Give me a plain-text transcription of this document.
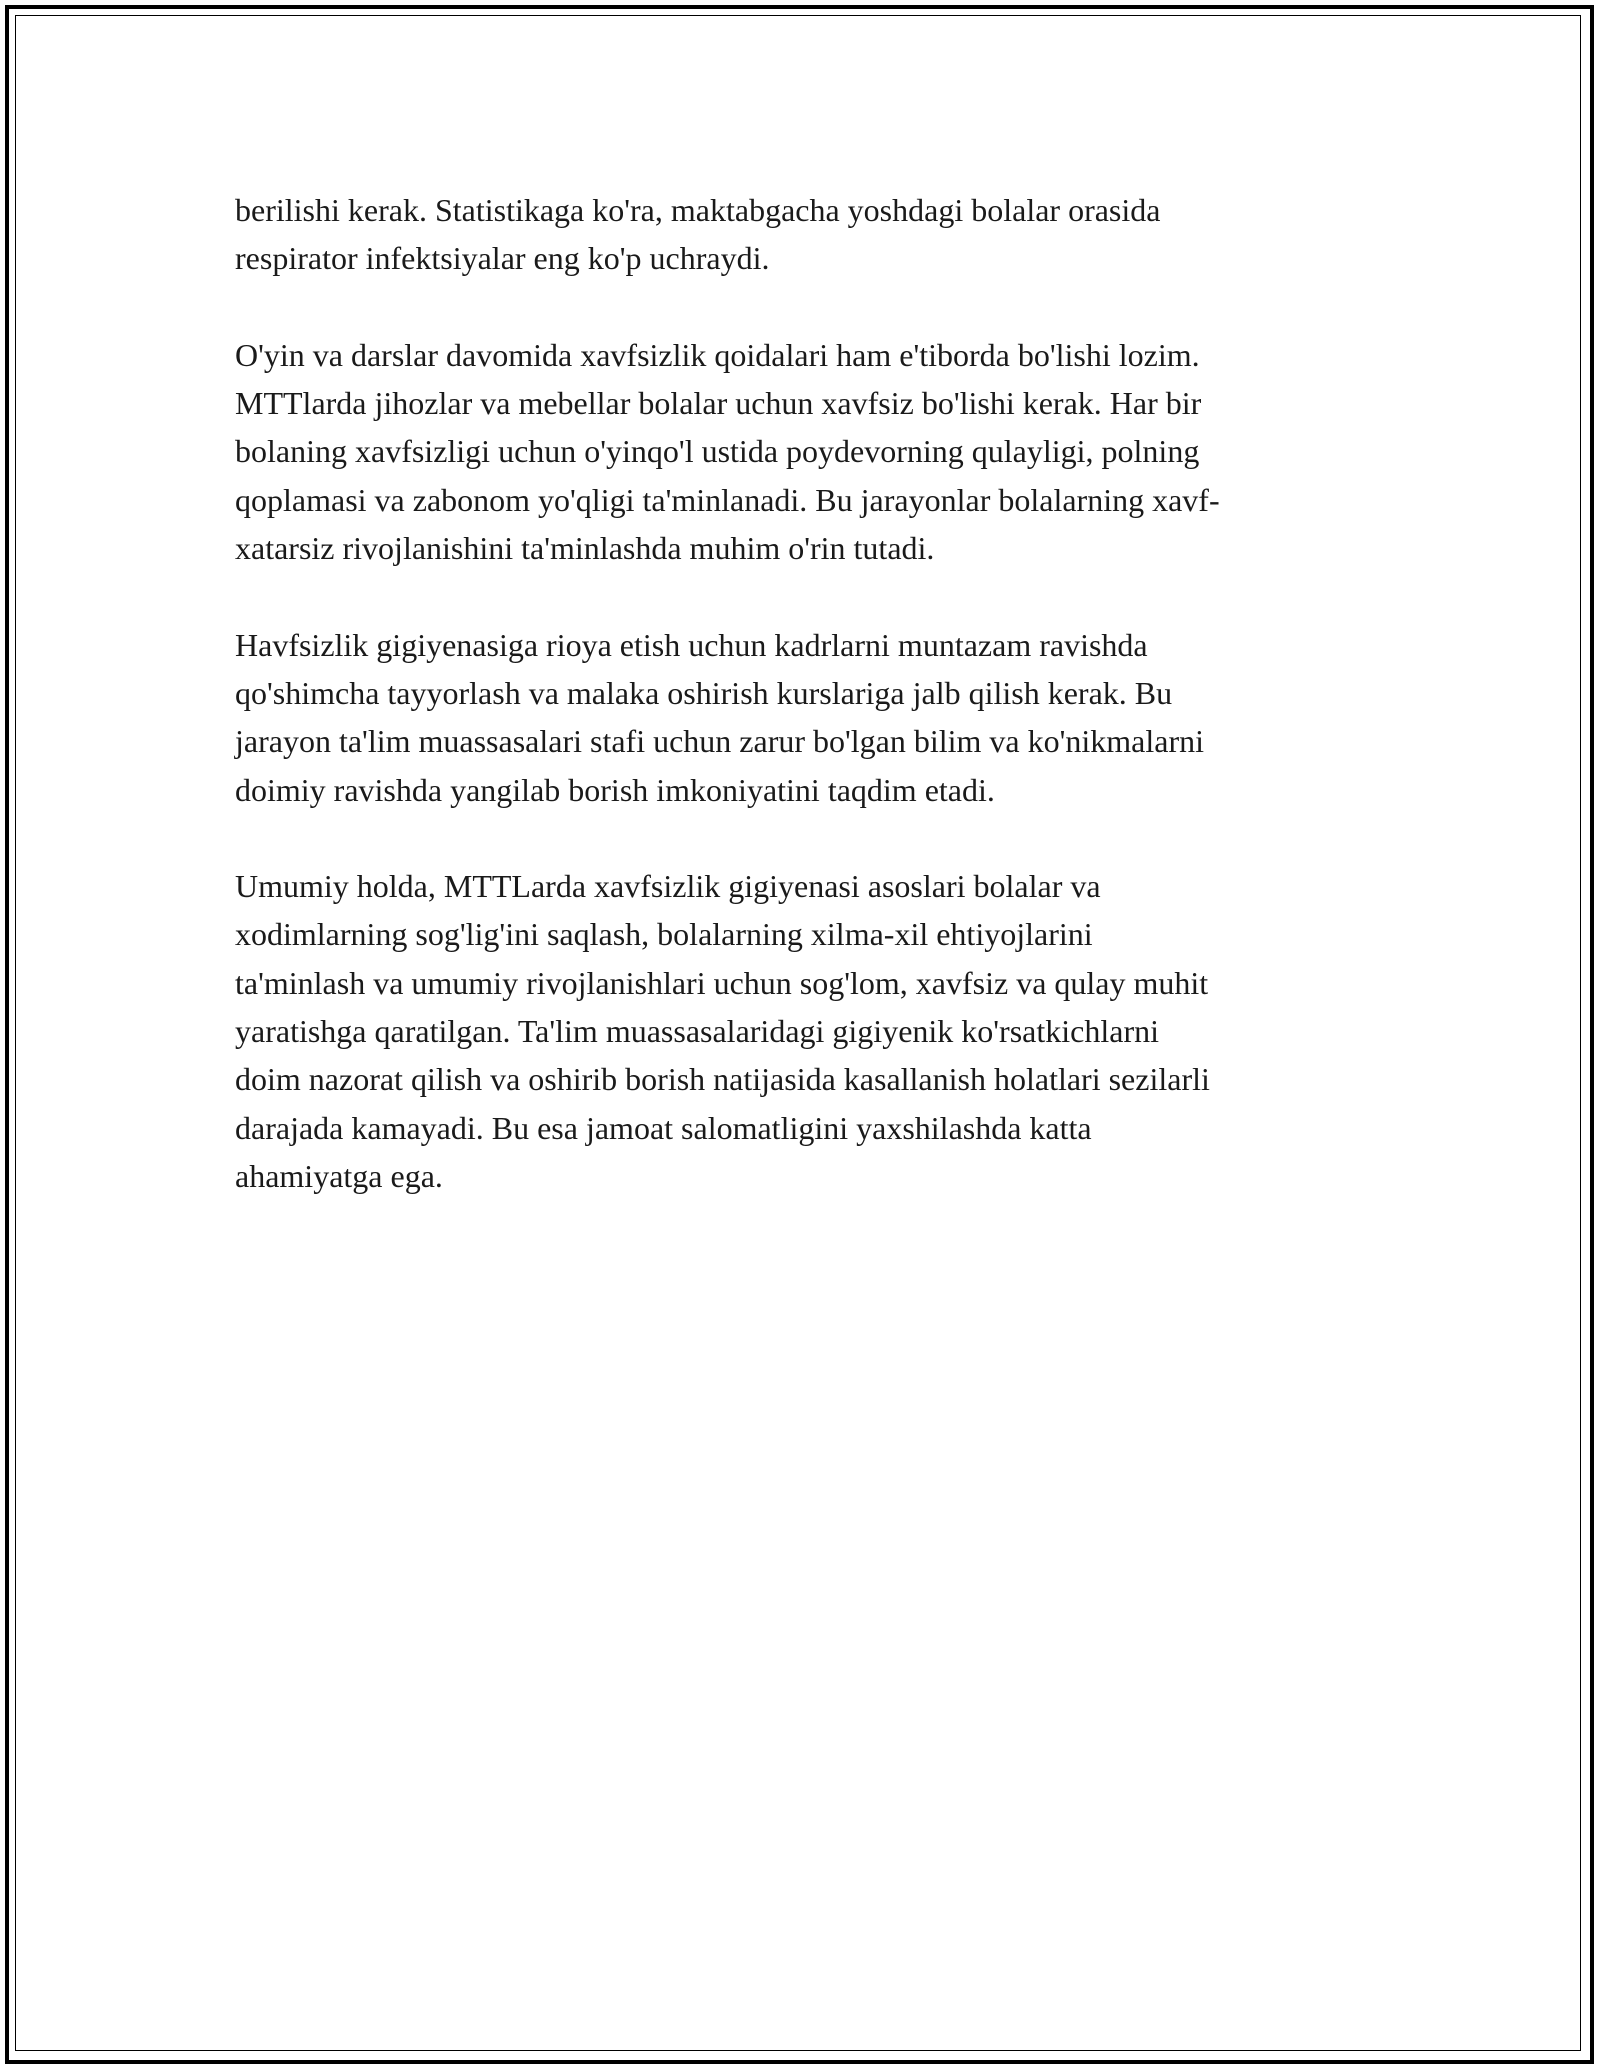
berilishi kerak. Statistikaga ko'ra, maktabgacha yoshdagi bolalar orasida
respirator infektsiyalar eng ko'p uchraydi.
O'yin va darslar davomida xavfsizlik qoidalari ham e'tiborda bo'lishi lozim.
MTTlarda jihozlar va mebellar bolalar uchun xavfsiz bo'lishi kerak. Har bir
bolaning xavfsizligi uchun o'yinqo'l ustida poydevorning qulayligi, polning
qoplamasi va zabonom yo'qligi ta'minlanadi. Bu jarayonlar bolalarning xavf-
xatarsiz rivojlanishini ta'minlashda muhim o'rin tutadi.
Havfsizlik gigiyenasiga rioya etish uchun kadrlarni muntazam ravishda
qo'shimcha tayyorlash va malaka oshirish kurslariga jalb qilish kerak. Bu
jarayon ta'lim muassasalari stafi uchun zarur bo'lgan bilim va ko'nikmalarni
doimiy ravishda yangilab borish imkoniyatini taqdim etadi.
Umumiy holda, MTTLarda xavfsizlik gigiyenasi asoslari bolalar va
xodimlarning sog'lig'ini saqlash, bolalarning xilma-xil ehtiyojlarini
ta'minlash va umumiy rivojlanishlari uchun sog'lom, xavfsiz va qulay muhit
yaratishga qaratilgan. Ta'lim muassasalaridagi gigiyenik ko'rsatkichlarni
doim nazorat qilish va oshirib borish natijasida kasallanish holatlari sezilarli
darajada kamayadi. Bu esa jamoat salomatligini yaxshilashda katta
ahamiyatga ega.
